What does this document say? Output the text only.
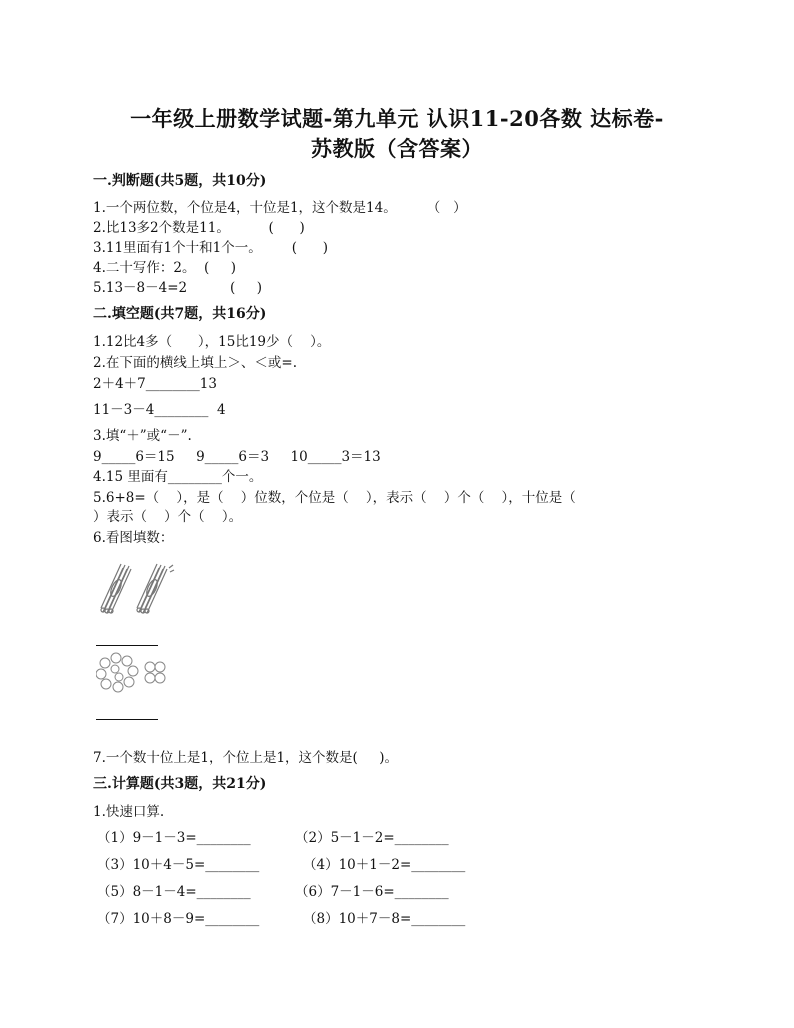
一年级上册数学试题-第九单元 认识11-20各数 达标卷-
苏教版（含答案）
一.判断题(共5题，共10分)
1.一个两位数，个位是4，十位是1，这个数是14。       （   ）
2.比13多2个数是11。         (      )
3.11里面有1个十和1个一。       (      )
4.二十写作：2。  (     )
5.13－8－4=2          (     )
二.填空题(共7题，共16分)
1.12比4多（      ），15比19少（    ）。
2.在下面的横线上填上＞、＜或=.
2＋4＋7________13
11－3－4________  4
3.填“＋”或“－”.
9_____6＝15     9_____6＝3     10_____3＝13
4.15 里面有________个一。
5.6+8=（    ），是（    ）位数，个位是（    ），表示（    ）个（    ），十位是（
）表示（    ）个（    ）。
6.看图填数：
7.一个数十位上是1，个位上是1，这个数是(     )。
三.计算题(共3题，共21分)
1.快速口算.
（1）9－1－3=________	（2）5－1－2=________
（3）10＋4－5=________	（4）10＋1－2=________
（5）8－1－4=________	（6）7－1－6=________
（7）10＋8－9=________	（8）10＋7－8=________
